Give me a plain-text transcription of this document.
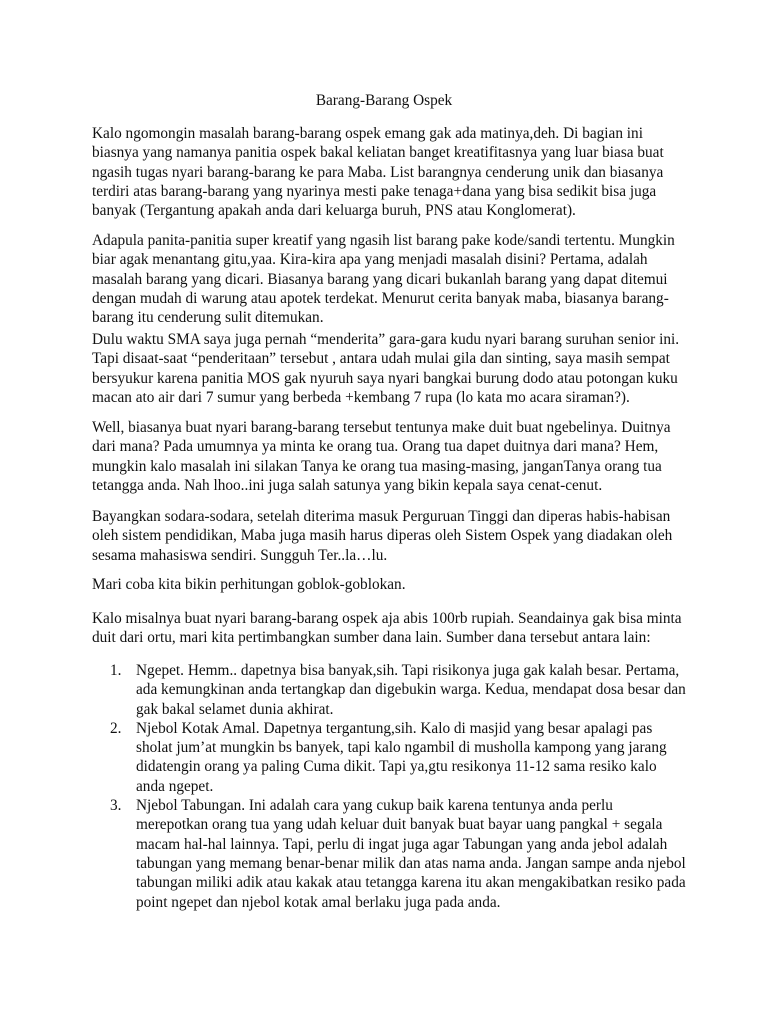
Barang-Barang Ospek

Kalo ngomongin masalah barang-barang ospek emang gak ada matinya,deh. Di bagian ini
biasnya yang namanya panitia ospek bakal keliatan banget kreatifitasnya yang luar biasa buat
ngasih tugas nyari barang-barang ke para Maba. List barangnya cenderung unik dan biasanya
terdiri atas barang-barang yang nyarinya mesti pake tenaga+dana yang bisa sedikit bisa juga
banyak (Tergantung apakah anda dari keluarga buruh, PNS atau Konglomerat).

Adapula panita-panitia super kreatif yang ngasih list barang pake kode/sandi tertentu. Mungkin
biar agak menantang gitu,yaa. Kira-kira apa yang menjadi masalah disini? Pertama, adalah
masalah barang yang dicari. Biasanya barang yang dicari bukanlah barang yang dapat ditemui
dengan mudah di warung atau apotek terdekat. Menurut cerita banyak maba, biasanya barang-
barang itu cenderung sulit ditemukan.

Dulu waktu SMA saya juga pernah “menderita” gara-gara kudu nyari barang suruhan senior ini.
Tapi disaat-saat “penderitaan” tersebut , antara udah mulai gila dan sinting, saya masih sempat
bersyukur karena panitia MOS gak nyuruh saya nyari bangkai burung dodo atau potongan kuku
macan ato air dari 7 sumur yang berbeda +kembang 7 rupa (lo kata mo acara siraman?).

Well, biasanya buat nyari barang-barang tersebut tentunya make duit buat ngebelinya. Duitnya
dari mana? Pada umumnya ya minta ke orang tua. Orang tua dapet duitnya dari mana? Hem,
mungkin kalo masalah ini silakan Tanya ke orang tua masing-masing, janganTanya orang tua
tetangga anda. Nah lhoo..ini juga salah satunya yang bikin kepala saya cenat-cenut.

Bayangkan sodara-sodara, setelah diterima masuk Perguruan Tinggi dan diperas habis-habisan
oleh sistem pendidikan, Maba juga masih harus diperas oleh Sistem Ospek yang diadakan oleh
sesama mahasiswa sendiri. Sungguh Ter..la…lu.

Mari coba kita bikin perhitungan goblok-goblokan.

Kalo misalnya buat nyari barang-barang ospek aja abis 100rb rupiah. Seandainya gak bisa minta
duit dari ortu, mari kita pertimbangkan sumber dana lain. Sumber dana tersebut antara lain:

1. Ngepet. Hemm.. dapetnya bisa banyak,sih. Tapi risikonya juga gak kalah besar. Pertama,
ada kemungkinan anda tertangkap dan digebukin warga. Kedua, mendapat dosa besar dan
gak bakal selamet dunia akhirat.
2. Njebol Kotak Amal. Dapetnya tergantung,sih. Kalo di masjid yang besar apalagi pas
sholat jum’at mungkin bs banyek, tapi kalo ngambil di musholla kampong yang jarang
didatengin orang ya paling Cuma dikit. Tapi ya,gtu resikonya 11-12 sama resiko kalo
anda ngepet.
3. Njebol Tabungan. Ini adalah cara yang cukup baik karena tentunya anda perlu
merepotkan orang tua yang udah keluar duit banyak buat bayar uang pangkal + segala
macam hal-hal lainnya. Tapi, perlu di ingat juga agar Tabungan yang anda jebol adalah
tabungan yang memang benar-benar milik dan atas nama anda. Jangan sampe anda njebol
tabungan miliki adik atau kakak atau tetangga karena itu akan mengakibatkan resiko pada
point ngepet dan njebol kotak amal berlaku juga pada anda.
